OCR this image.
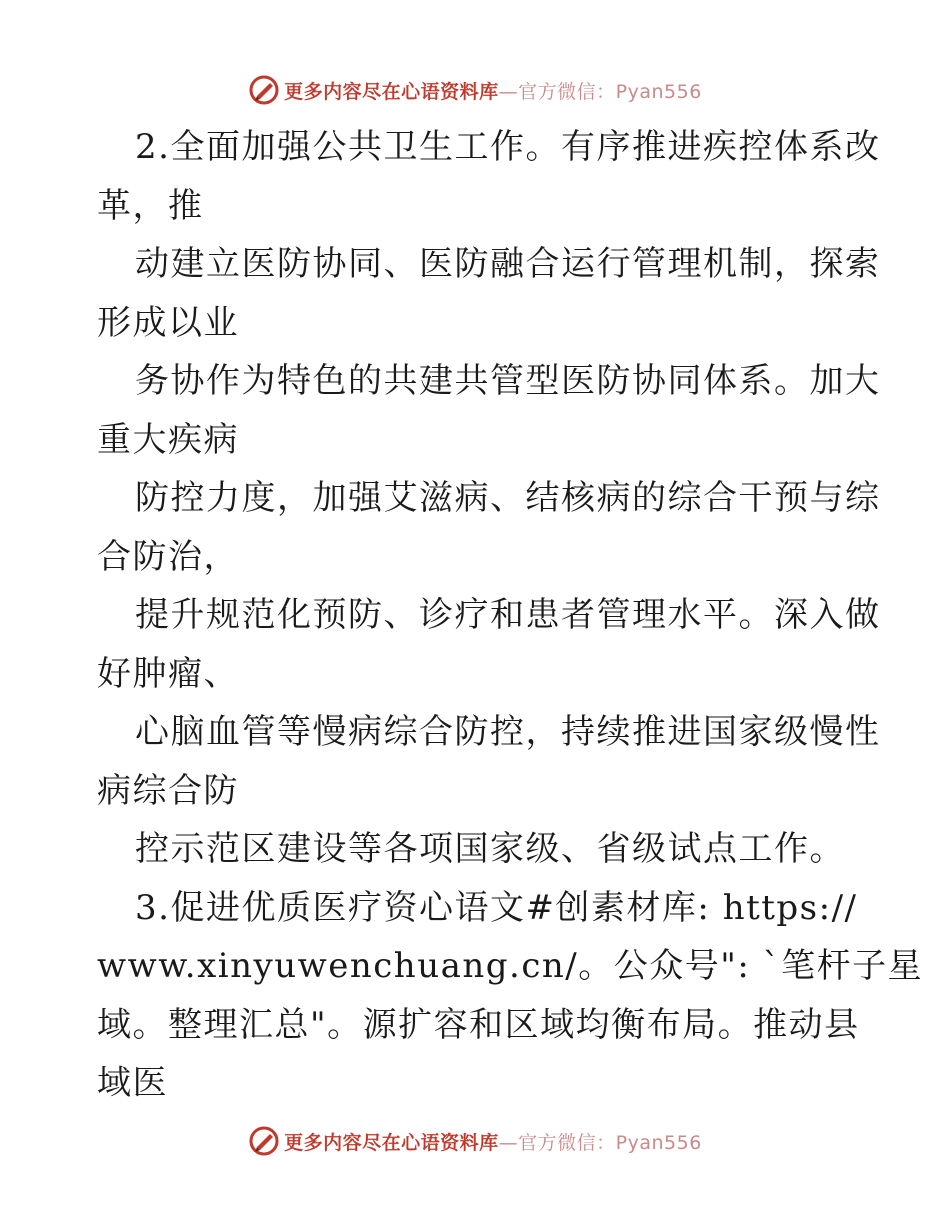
更多内容尽在心语资料库—官方微信：Pyan556
2.全面加强公共卫生工作。有序推进疾控体系改
革，推
动建立医防协同、医防融合运行管理机制，探索
形成以业
务协作为特色的共建共管型医防协同体系。加大
重大疾病
防控力度，加强艾滋病、结核病的综合干预与综
合防治，
提升规范化预防、诊疗和患者管理水平。深入做
好肿瘤、
心脑血管等慢病综合防控，持续推进国家级慢性
病综合防
控示范区建设等各项国家级、省级试点工作。
3.促进优质医疗资心语文#创素材库: https://
www.xinyuwenchuang.cn/。公众号": `笔杆子星
域。整理汇总"。源扩容和区域均衡布局。推动县
域医
更多内容尽在心语资料库—官方微信：Pyan556
